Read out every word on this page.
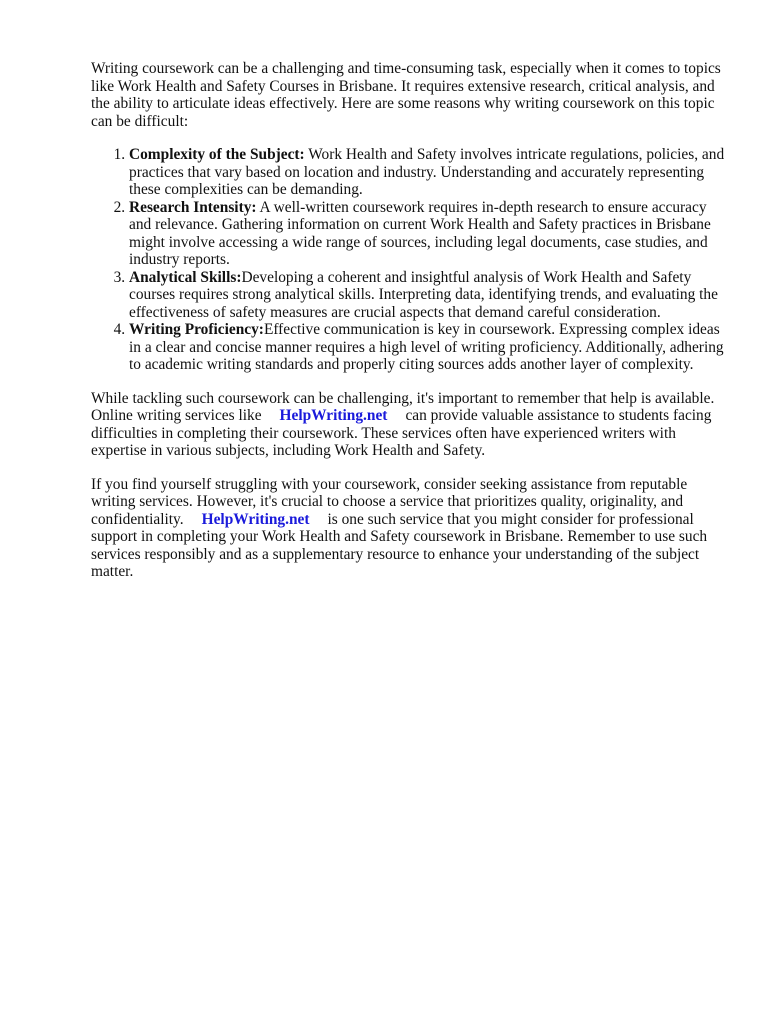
Writing coursework can be a challenging and time-consuming task, especially when it comes to topics like Work Health and Safety Courses in Brisbane. It requires extensive research, critical analysis, and the ability to articulate ideas effectively. Here are some reasons why writing coursework on this topic can be difficult:

1. Complexity of the Subject: Work Health and Safety involves intricate regulations, policies, and practices that vary based on location and industry. Understanding and accurately representing these complexities can be demanding.
2. Research Intensity: A well-written coursework requires in-depth research to ensure accuracy and relevance. Gathering information on current Work Health and Safety practices in Brisbane might involve accessing a wide range of sources, including legal documents, case studies, and industry reports.
3. Analytical Skills:Developing a coherent and insightful analysis of Work Health and Safety courses requires strong analytical skills. Interpreting data, identifying trends, and evaluating the effectiveness of safety measures are crucial aspects that demand careful consideration.
4. Writing Proficiency:Effective communication is key in coursework. Expressing complex ideas in a clear and concise manner requires a high level of writing proficiency. Additionally, adhering to academic writing standards and properly citing sources adds another layer of complexity.

While tackling such coursework can be challenging, it's important to remember that help is available. Online writing services like HelpWriting.net can provide valuable assistance to students facing difficulties in completing their coursework. These services often have experienced writers with expertise in various subjects, including Work Health and Safety.

If you find yourself struggling with your coursework, consider seeking assistance from reputable writing services. However, it's crucial to choose a service that prioritizes quality, originality, and confidentiality. HelpWriting.net is one such service that you might consider for professional support in completing your Work Health and Safety coursework in Brisbane. Remember to use such services responsibly and as a supplementary resource to enhance your understanding of the subject matter.
